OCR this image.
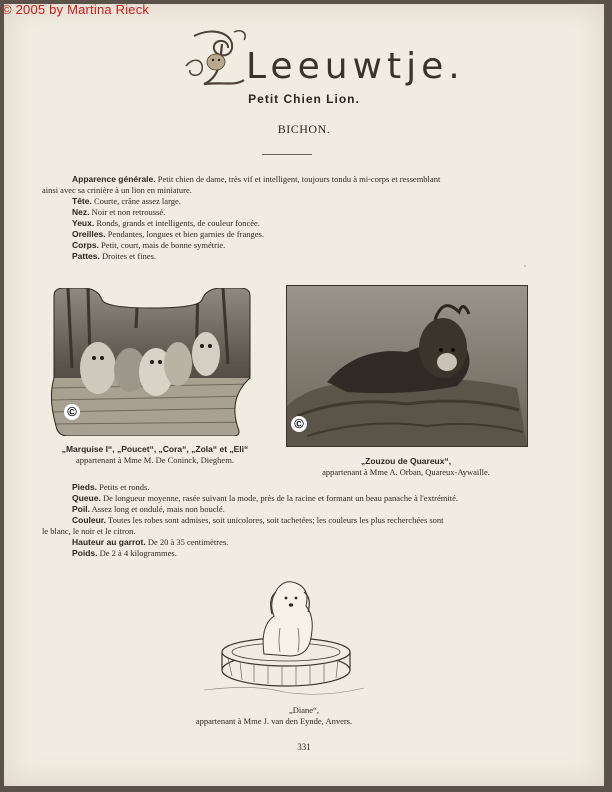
Leeuwtje.
Petit Chien Lion.
BICHON.
Apparence générale. Petit chien de dame, très vif et intelligent, toujours tondu à mi-corps et ressemblant
ainsi avec sa crinière à un lion en miniature.
Tête. Courte, crâne assez large.
Nez. Noir et non retroussé.
Yeux. Ronds, grands et intelligents, de couleur foncée.
Oreilles. Pendantes, longues et bien garnies de franges.
Corps. Petit, court, mais de bonne symétrie.
Pattes. Droites et fines.
,
©
„Marquise I“, „Poucet“, „Cora“, „Zola“ et „Eli“
appartenant à Mme M. De Coninck, Dieghem.
©
„Zouzou de Quareux“,
appartenant à Mme A. Orban, Quareux-Aywaille.
Pieds. Petits et ronds.
Queue. De longueur moyenne, rasée suivant la mode, près de la racine et formant un beau panache à l'extrémité.
Poil. Assez long et ondulé, mais non bouclé.
Couleur. Toutes les robes sont admises, soit unicolores, soit tachetées; les couleurs les plus recherchées sont
le blanc, le noir et le citron.
Hauteur au garrot. De 20 à 35 centimètres.
Poids. De 2 à 4 kilogrammes.
„Diane“,
appartenant à Mme J. van den Eynde, Anvers.
331
© 2005 by Martina Rieck
